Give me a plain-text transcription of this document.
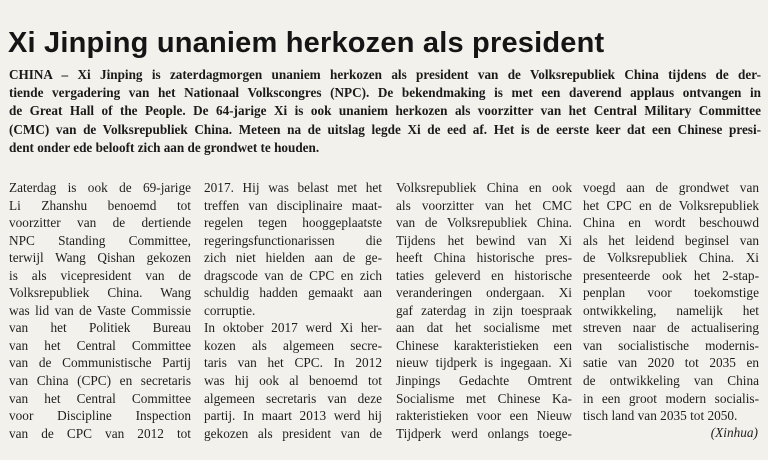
Xi Jinping unaniem herkozen als president
CHINA – Xi Jinping is zaterdagmorgen unaniem herkozen als president van de Volksrepubliek China tijdens de der-
tiende vergadering van het Nationaal Volkscongres (NPC). De bekendmaking is met een daverend applaus ontvangen in
de Great Hall of the People. De 64-jarige Xi is ook unaniem herkozen als voorzitter van het Central Military Committee
(CMC) van de Volksrepubliek China. Meteen na de uitslag legde Xi de eed af. Het is de eerste keer dat een Chinese presi-
dent onder ede belooft zich aan de grondwet te houden.
Zaterdag is ook de 69-jarige
Li Zhanshu benoemd tot
voorzitter van de dertiende
NPC Standing Committee,
terwijl Wang Qishan gekozen
is als vicepresident van de
Volksrepubliek China. Wang
was lid van de Vaste Commissie
van het Politiek Bureau
van het Central Committee
van de Communistische Partij
van China (CPC) en secretaris
van het Central Committee
voor Discipline Inspection
van de CPC van 2012 tot
2017. Hij was belast met het
treffen van disciplinaire maat-
regelen tegen hooggeplaatste
regeringsfunctionarissen die
zich niet hielden aan de ge-
dragscode van de CPC en zich
schuldig hadden gemaakt aan
corruptie.
In oktober 2017 werd Xi her-
kozen als algemeen secre-
taris van het CPC. In 2012
was hij ook al benoemd tot
algemeen secretaris van deze
partij. In maart 2013 werd hij
gekozen als president van de
Volksrepubliek China en ook
als voorzitter van het CMC
van de Volksrepubliek China.
Tijdens het bewind van Xi
heeft China historische pres-
taties geleverd en historische
veranderingen ondergaan. Xi
gaf zaterdag in zijn toespraak
aan dat het socialisme met
Chinese karakteristieken een
nieuw tijdperk is ingegaan. Xi
Jinpings Gedachte Omtrent
Socialisme met Chinese Ka-
rakteristieken voor een Nieuw
Tijdperk werd onlangs toege-
voegd aan de grondwet van
het CPC en de Volksrepubliek
China en wordt beschouwd
als het leidend beginsel van
de Volksrepubliek China. Xi
presenteerde ook het 2-stap-
penplan voor toekomstige
ontwikkeling, namelijk het
streven naar de actualisering
van socialistische modernis-
satie van 2020 tot 2035 en
de ontwikkeling van China
in een groot modern socialis-
tisch land van 2035 tot 2050.
(Xinhua)
